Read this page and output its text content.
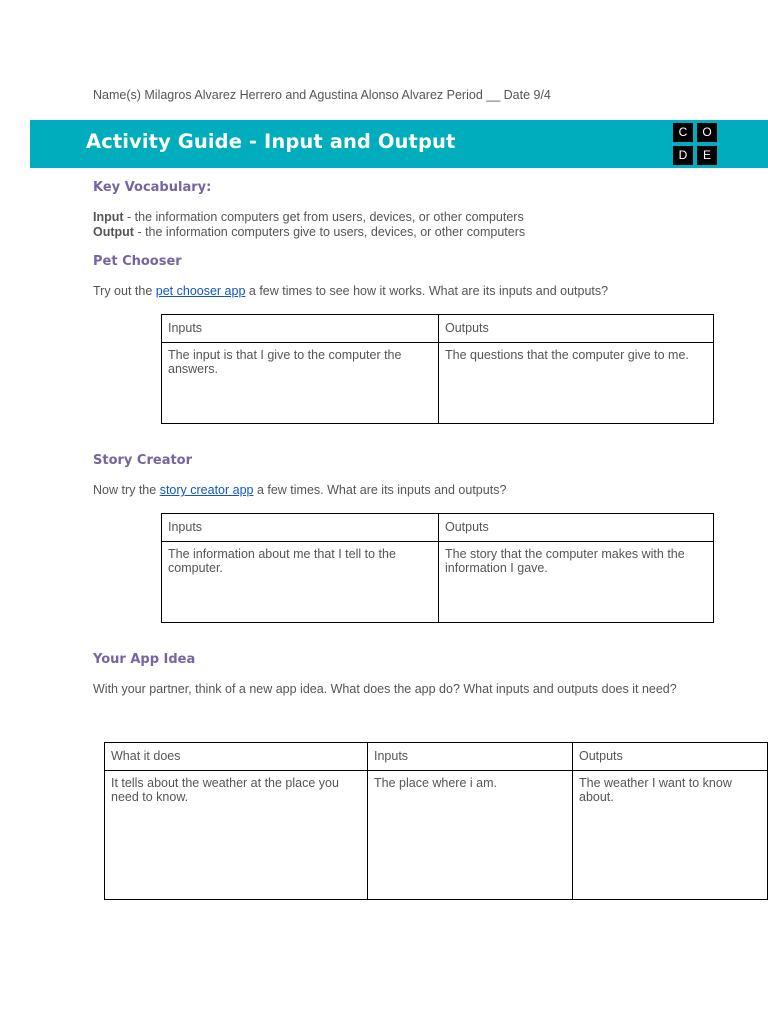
Name(s) Milagros Alvarez Herrero and Agustina Alonso Alvarez Period __ Date 9/4
Activity Guide - Input and Output	C	O
D	E
Key Vocabulary:
Input - the information computers get from users, devices, or other computers
Output - the information computers give to users, devices, or other computers
Pet Chooser
Try out the pet chooser app a few times to see how it works. What are its inputs and outputs?
Inputs	Outputs
The input is that I give to the computer the answers.	The questions that the computer give to me.
Story Creator
Now try the story creator app a few times. What are its inputs and outputs?
Inputs	Outputs
The information about me that I tell to the computer.	The story that the computer makes with the information I gave.
Your App Idea
With your partner, think of a new app idea. What does the app do? What inputs and outputs does it need?
What it does	Inputs	Outputs
It tells about the weather at the place you need to know.	The place where i am.	The weather I want to know about.
